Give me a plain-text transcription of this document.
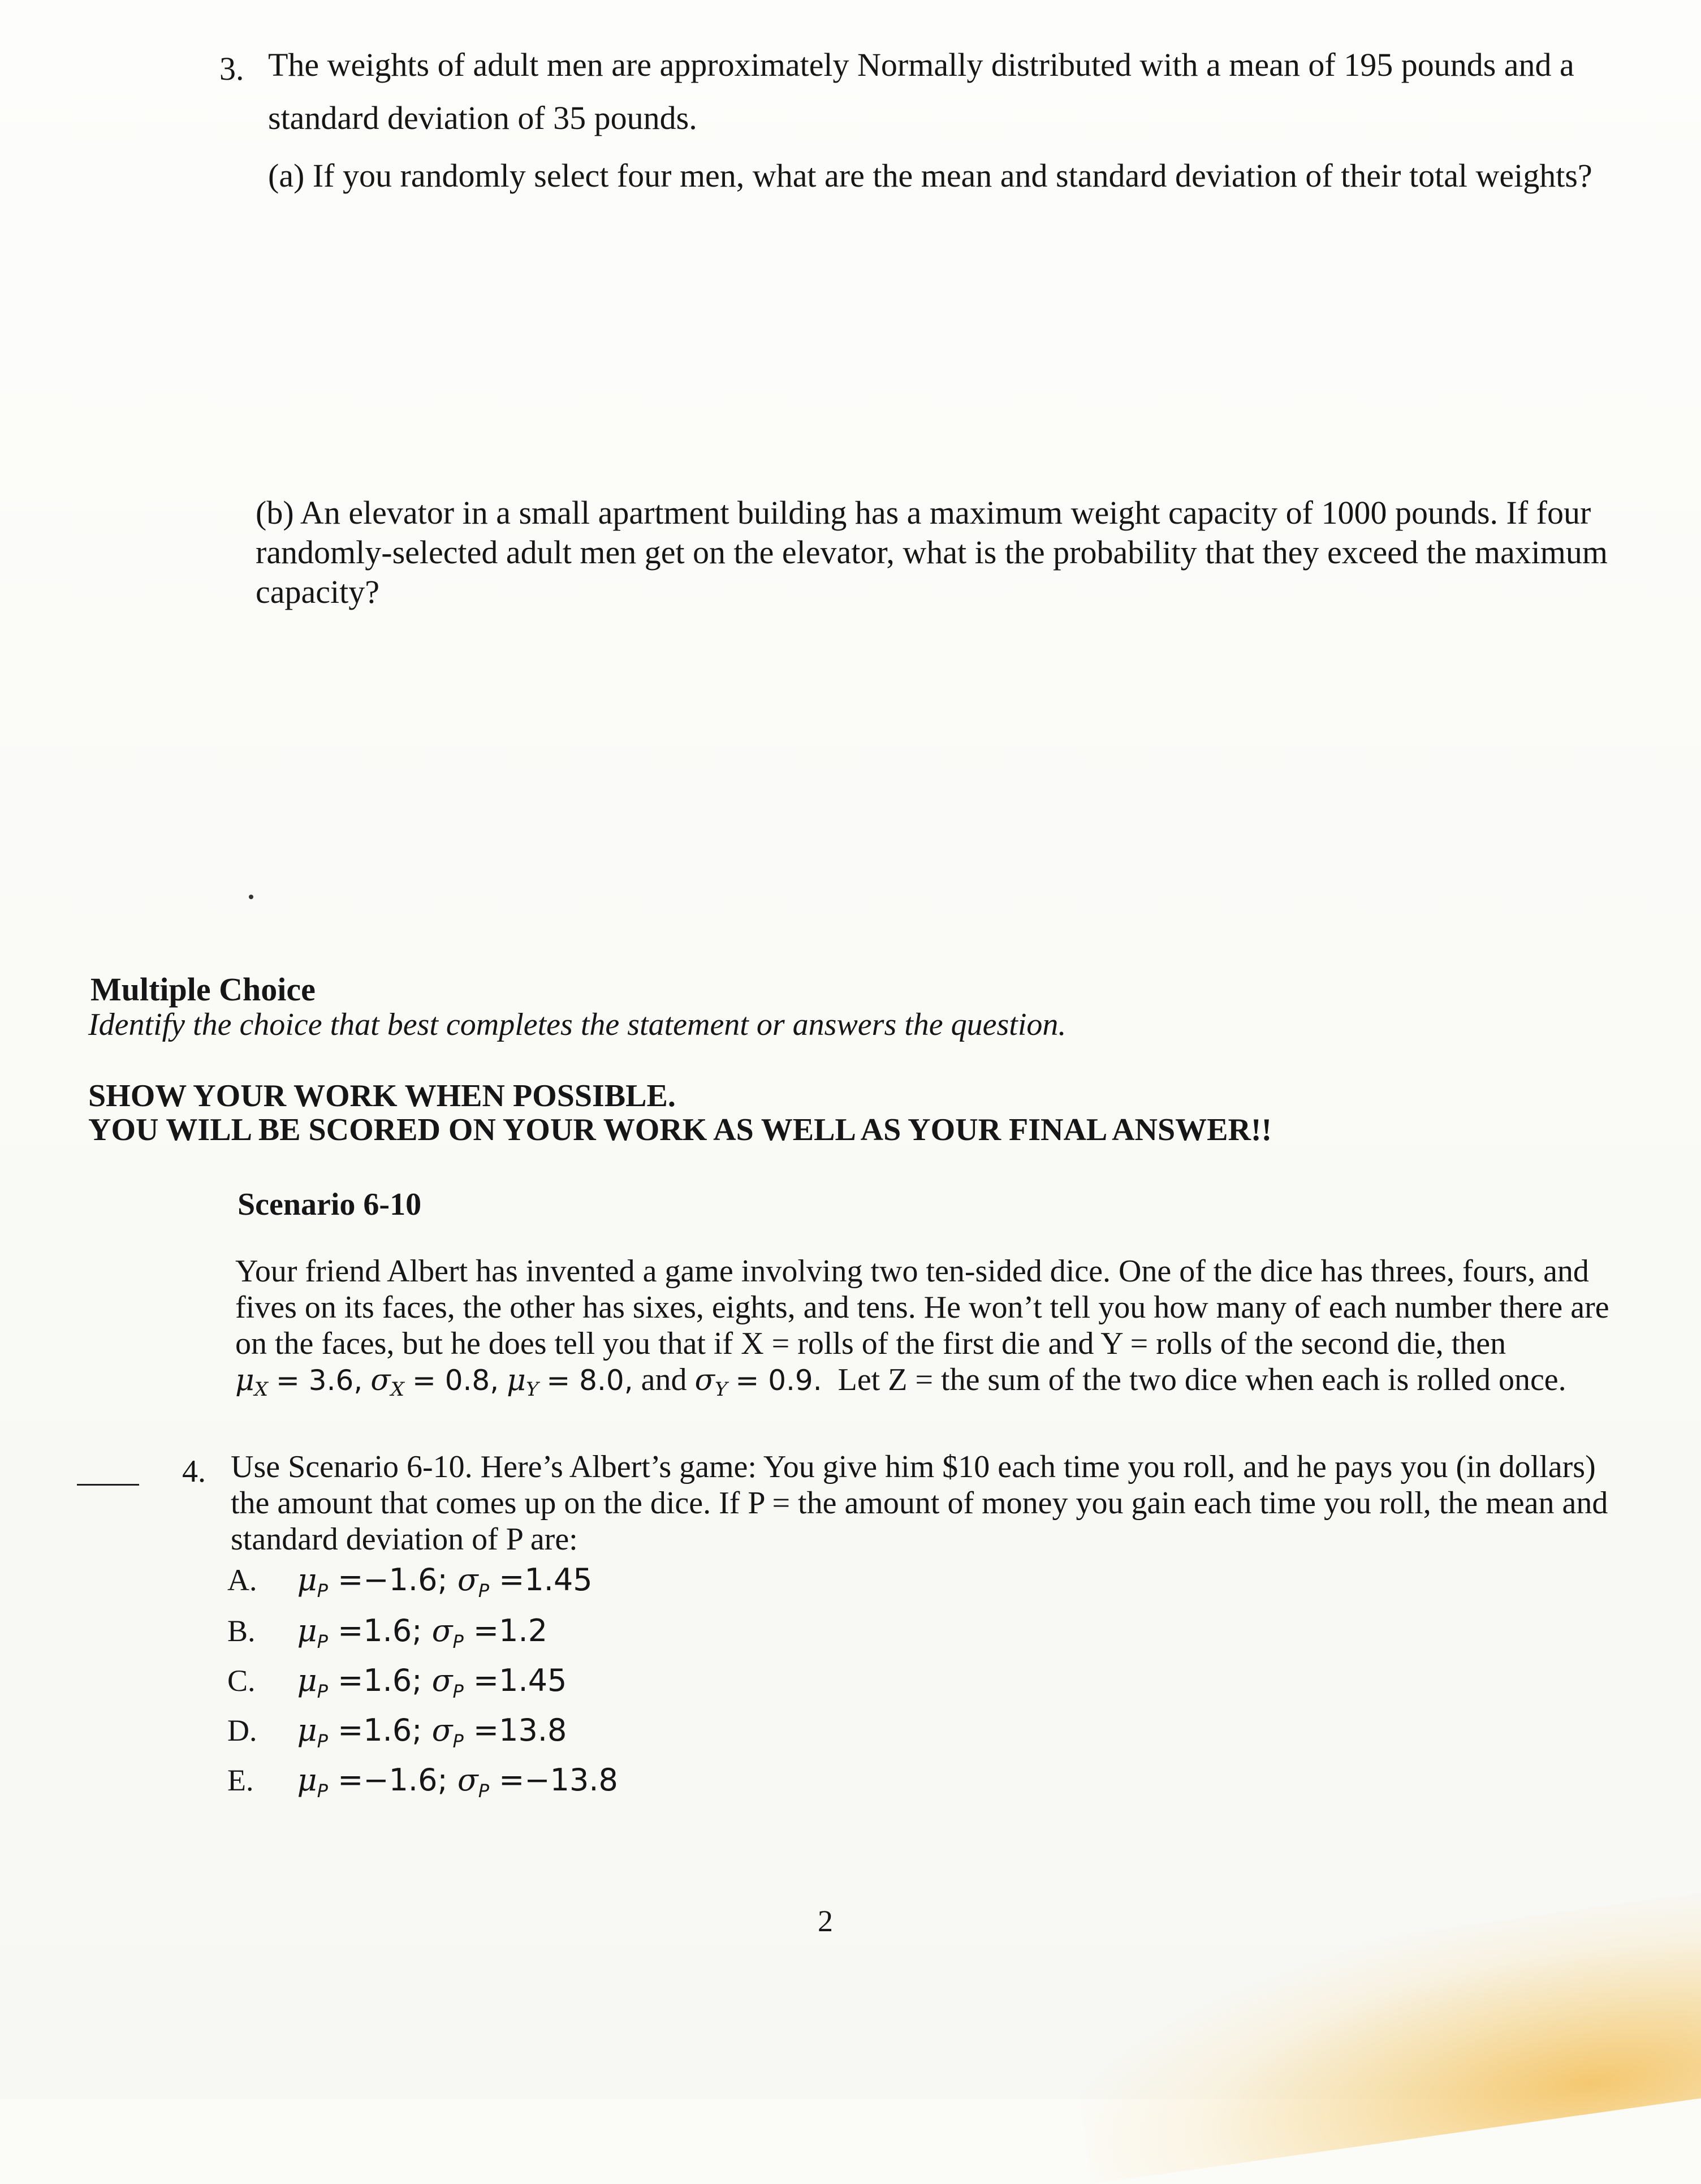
3. The weights of adult men are approximately Normally distributed with a mean of 195 pounds and a standard deviation of 35 pounds.
(a) If you randomly select four men, what are the mean and standard deviation of their total weights?
(b) An elevator in a small apartment building has a maximum weight capacity of 1000 pounds. If four randomly-selected adult men get on the elevator, what is the probability that they exceed the maximum capacity?
Multiple Choice
Identify the choice that best completes the statement or answers the question.
SHOW YOUR WORK WHEN POSSIBLE.
YOU WILL BE SCORED ON YOUR WORK AS WELL AS YOUR FINAL ANSWER!!
Scenario 6-10
Your friend Albert has invented a game involving two ten-sided dice. One of the dice has threes, fours, and fives on its faces, the other has sixes, eights, and tens. He won’t tell you how many of each number there are on the faces, but he does tell you that if X = rolls of the first die and Y = rolls of the second die, then
$\mu_X = 3.6$, $\sigma_X = 0.8$, $\mu_Y = 8.0$, and $\sigma_Y = 0.9$. Let Z = the sum of the two dice when each is rolled once.
4. Use Scenario 6-10. Here’s Albert’s game: You give him $10 each time you roll, and he pays you (in dollars) the amount that comes up on the dice. If P = the amount of money you gain each time you roll, the mean and standard deviation of P are:
A. $\mu_P =-1.6$; $\sigma_P =1.45$
B. $\mu_P =1.6$; $\sigma_P =1.2$
C. $\mu_P =1.6$; $\sigma_P =1.45$
D. $\mu_P =1.6$; $\sigma_P =13.8$
E. $\mu_P =-1.6$; $\sigma_P =-13.8$
2
